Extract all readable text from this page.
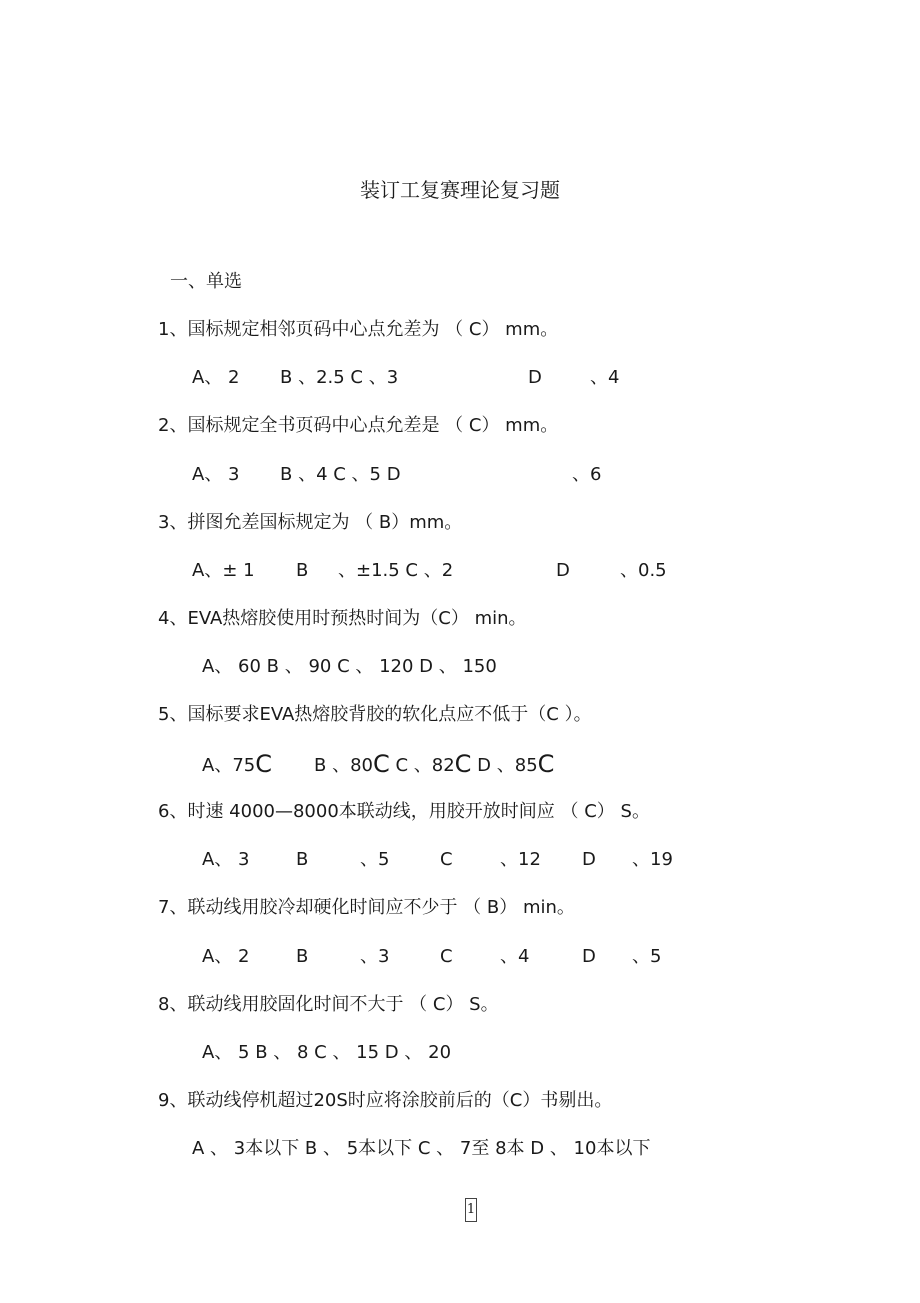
装订工复赛理论复习题
一、单选
1、国标规定相邻页码中心点允差为 （ C） mm。

A、 2

B 、2.5 C 、3

	D

	、4

2、国标规定全书页码中心点允差是 （ C） mm。

A、 3

B 、4 C 、5 D

	、6

3、拼图允差国标规定为 （ B）mm。

A、± 1

B

、±1.5 C 、2

	D

	、0.5

4、EVA热熔胶使用时预热时间为（C） min。

A、 60 B 、 90 C 、 120 D 、 150

5、国标要求EVA热熔胶背胶的软化点应不低于（C ）。

A、75C

B 、80C C 、82C D 、85C

6、时速 4000—8000本联动线，用胶开放时间应 （ C） S。

A、 3

	B

	、5

	C

	、12

D

、19

7、联动线用胶冷却硬化时间应不少于 （ B） min。

A、 2

	B

	、3

	C

	、4

	D

、5

8、联动线用胶固化时间不大于 （ C） S。

A、 5 B 、 8 C 、 15 D 、 20

9、联动线停机超过20S时应将涂胶前后的（C）书剔出。

A 、 3本以下 B 、 5本以下 C 、 7至 8本 D 、 10本以下

1
